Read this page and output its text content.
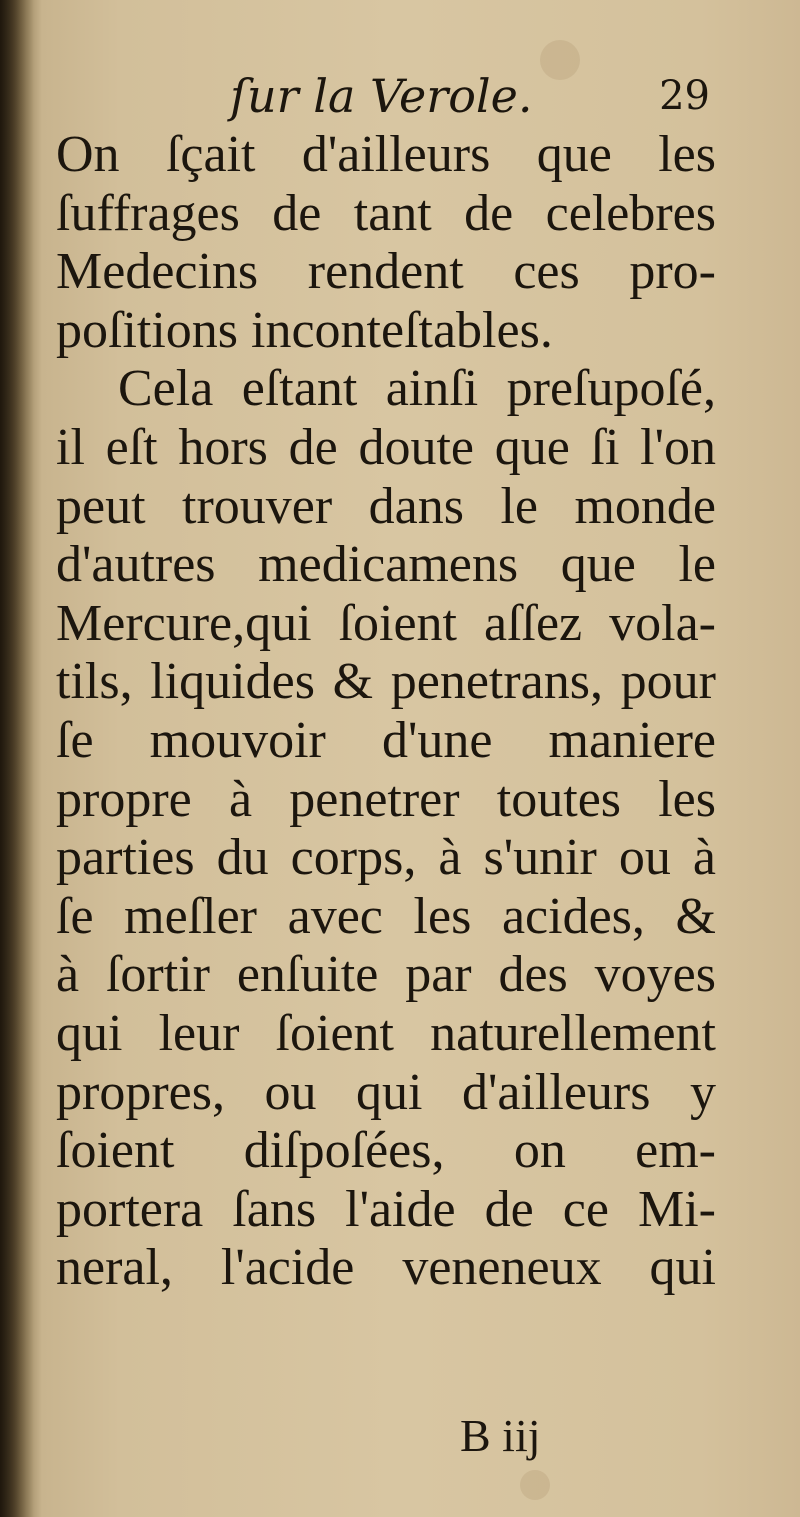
ſur la Verole.	29
On ſçait d'ailleurs que les
ſuffrages de tant de celebres
Medecins rendent ces pro-
poſitions inconteſtables.
Cela eſtant ainſi preſupoſé,
il eſt hors de doute que ſi l'on
peut trouver dans le monde
d'autres medicamens que le
Mercure,qui ſoient aſſez vola-
tils, liquides & penetrans, pour
ſe mouvoir d'une maniere
propre à penetrer toutes les
parties du corps, à s'unir ou à
ſe meſler avec les acides, &
à ſortir enſuite par des voyes
qui leur ſoient naturellement
propres, ou qui d'ailleurs y
ſoient diſpoſées, on em-
portera ſans l'aide de ce Mi-
neral, l'acide veneneux qui
B iij
